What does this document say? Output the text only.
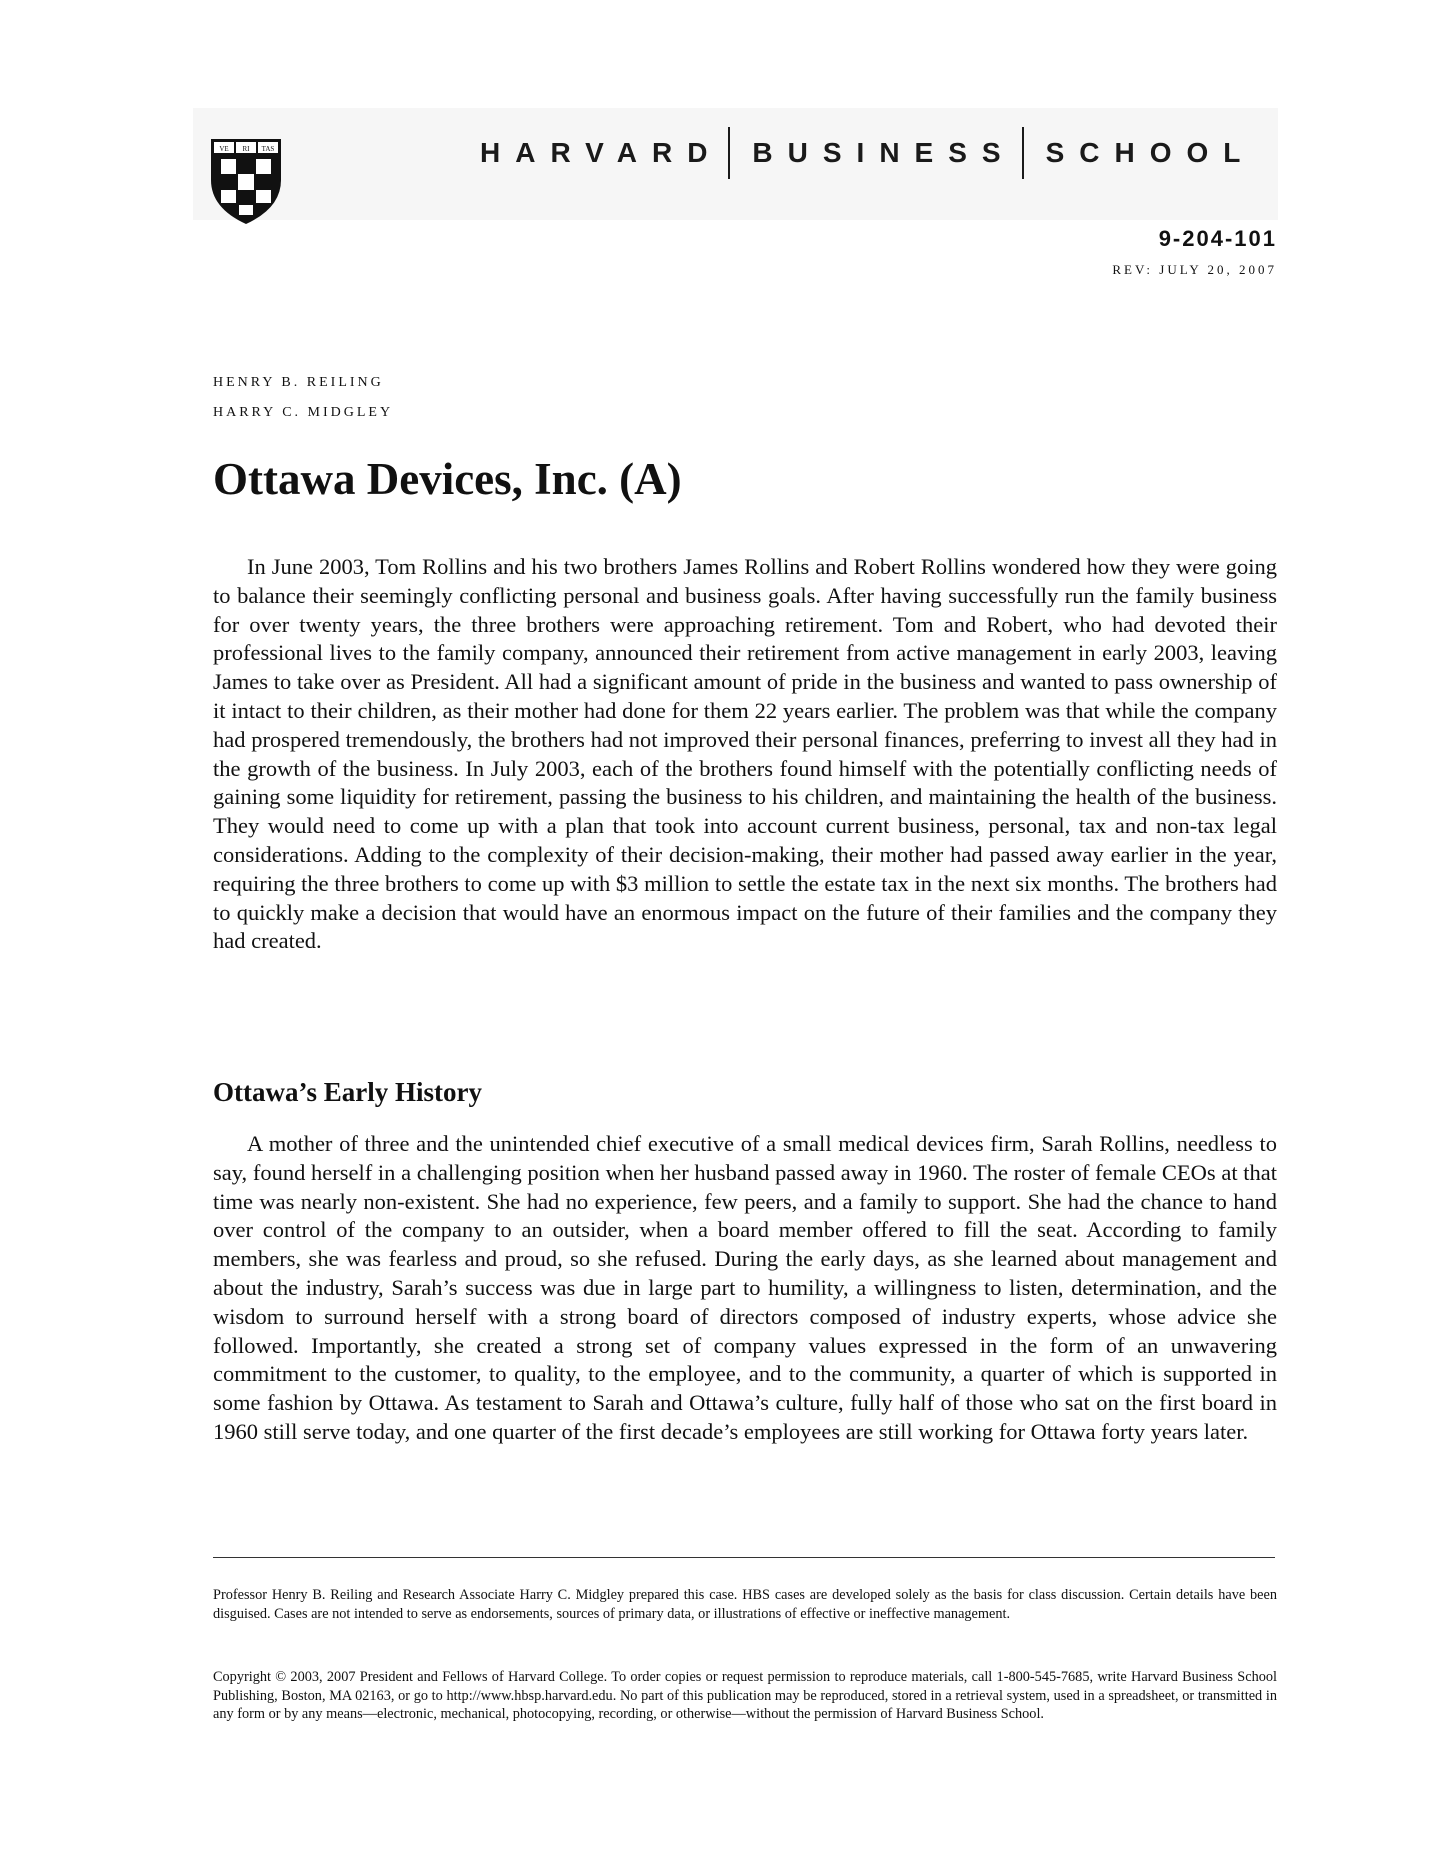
VE RI TAS	HARVARD BUSINESS SCHOOL
9-204-101
REV: JULY 20, 2007
HENRY B. REILING
HARRY C. MIDGLEY
Ottawa Devices, Inc. (A)

In June 2003, Tom Rollins and his two brothers James Rollins and Robert Rollins wondered how they were going to balance their seemingly conflicting personal and business goals. After having successfully run the family business for over twenty years, the three brothers were approaching retirement. Tom and Robert, who had devoted their professional lives to the family company, announced their retirement from active management in early 2003, leaving James to take over as President. All had a significant amount of pride in the business and wanted to pass ownership of it intact to their children, as their mother had done for them 22 years earlier. The problem was that while the company had prospered tremendously, the brothers had not improved their personal finances, preferring to invest all they had in the growth of the business. In July 2003, each of the brothers found himself with the potentially conflicting needs of gaining some liquidity for retirement, passing the business to his children, and maintaining the health of the business. They would need to come up with a plan that took into account current business, personal, tax and non-tax legal considerations. Adding to the complexity of their decision-making, their mother had passed away earlier in the year, requiring the three brothers to come up with $3 million to settle the estate tax in the next six months. The brothers had to quickly make a decision that would have an enormous impact on the future of their families and the company they had created.

Ottawa’s Early History

A mother of three and the unintended chief executive of a small medical devices firm, Sarah Rollins, needless to say, found herself in a challenging position when her husband passed away in 1960. The roster of female CEOs at that time was nearly non-existent. She had no experience, few peers, and a family to support. She had the chance to hand over control of the company to an outsider, when a board member offered to fill the seat. According to family members, she was fearless and proud, so she refused. During the early days, as she learned about management and about the industry, Sarah’s success was due in large part to humility, a willingness to listen, determination, and the wisdom to surround herself with a strong board of directors composed of industry experts, whose advice she followed. Importantly, she created a strong set of company values expressed in the form of an unwavering commitment to the customer, to quality, to the employee, and to the community, a quarter of which is supported in some fashion by Ottawa. As testament to Sarah and Ottawa’s culture, fully half of those who sat on the first board in 1960 still serve today, and one quarter of the first decade’s employees are still working for Ottawa forty years later.

Professor Henry B. Reiling and Research Associate Harry C. Midgley prepared this case. HBS cases are developed solely as the basis for class discussion. Certain details have been disguised. Cases are not intended to serve as endorsements, sources of primary data, or illustrations of effective or ineffective management.

Copyright © 2003, 2007 President and Fellows of Harvard College. To order copies or request permission to reproduce materials, call 1-800-545-7685, write Harvard Business School Publishing, Boston, MA 02163, or go to http://www.hbsp.harvard.edu. No part of this publication may be reproduced, stored in a retrieval system, used in a spreadsheet, or transmitted in any form or by any means—electronic, mechanical, photocopying, recording, or otherwise—without the permission of Harvard Business School.
